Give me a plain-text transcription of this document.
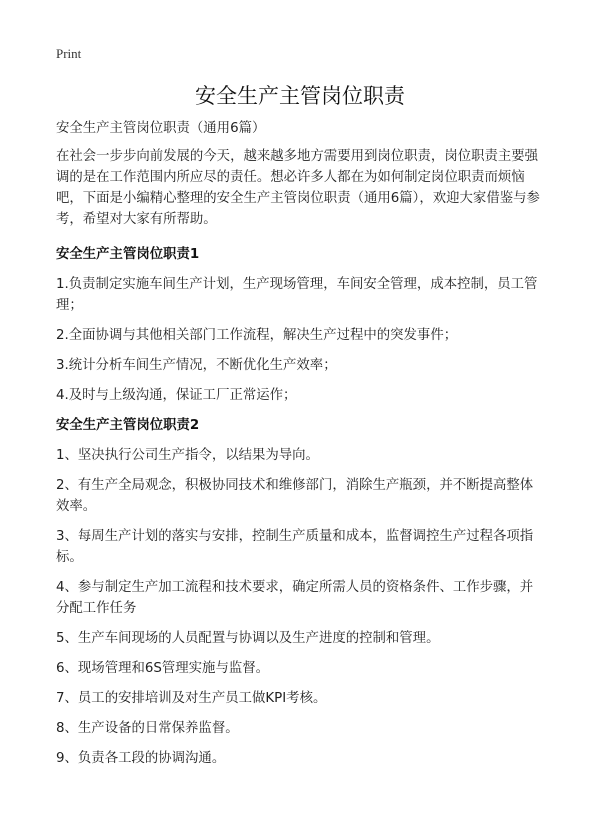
Print
安全生产主管岗位职责

安全生产主管岗位职责（通用6篇）

在社会一步步向前发展的今天，越来越多地方需要用到岗位职责，岗位职责主要强调的是在工作范围内所应尽的责任。想必许多人都在为如何制定岗位职责而烦恼吧，下面是小编精心整理的安全生产主管岗位职责（通用6篇），欢迎大家借鉴与参考，希望对大家有所帮助。

安全生产主管岗位职责1

1.负责制定实施车间生产计划，生产现场管理，车间安全管理，成本控制，员工管理；

2.全面协调与其他相关部门工作流程，解决生产过程中的突发事件；

3.统计分析车间生产情况，不断优化生产效率；

4.及时与上级沟通，保证工厂正常运作；

安全生产主管岗位职责2

1、坚决执行公司生产指令，以结果为导向。

2、有生产全局观念，积极协同技术和维修部门，消除生产瓶颈，并不断提高整体效率。

3、每周生产计划的落实与安排，控制生产质量和成本，监督调控生产过程各项指标。

4、参与制定生产加工流程和技术要求，确定所需人员的资格条件、工作步骤，并分配工作任务

5、生产车间现场的人员配置与协调以及生产进度的控制和管理。

6、现场管理和6S管理实施与监督。

7、员工的安排培训及对生产员工做KPI考核。

8、生产设备的日常保养监督。

9、负责各工段的协调沟通。
